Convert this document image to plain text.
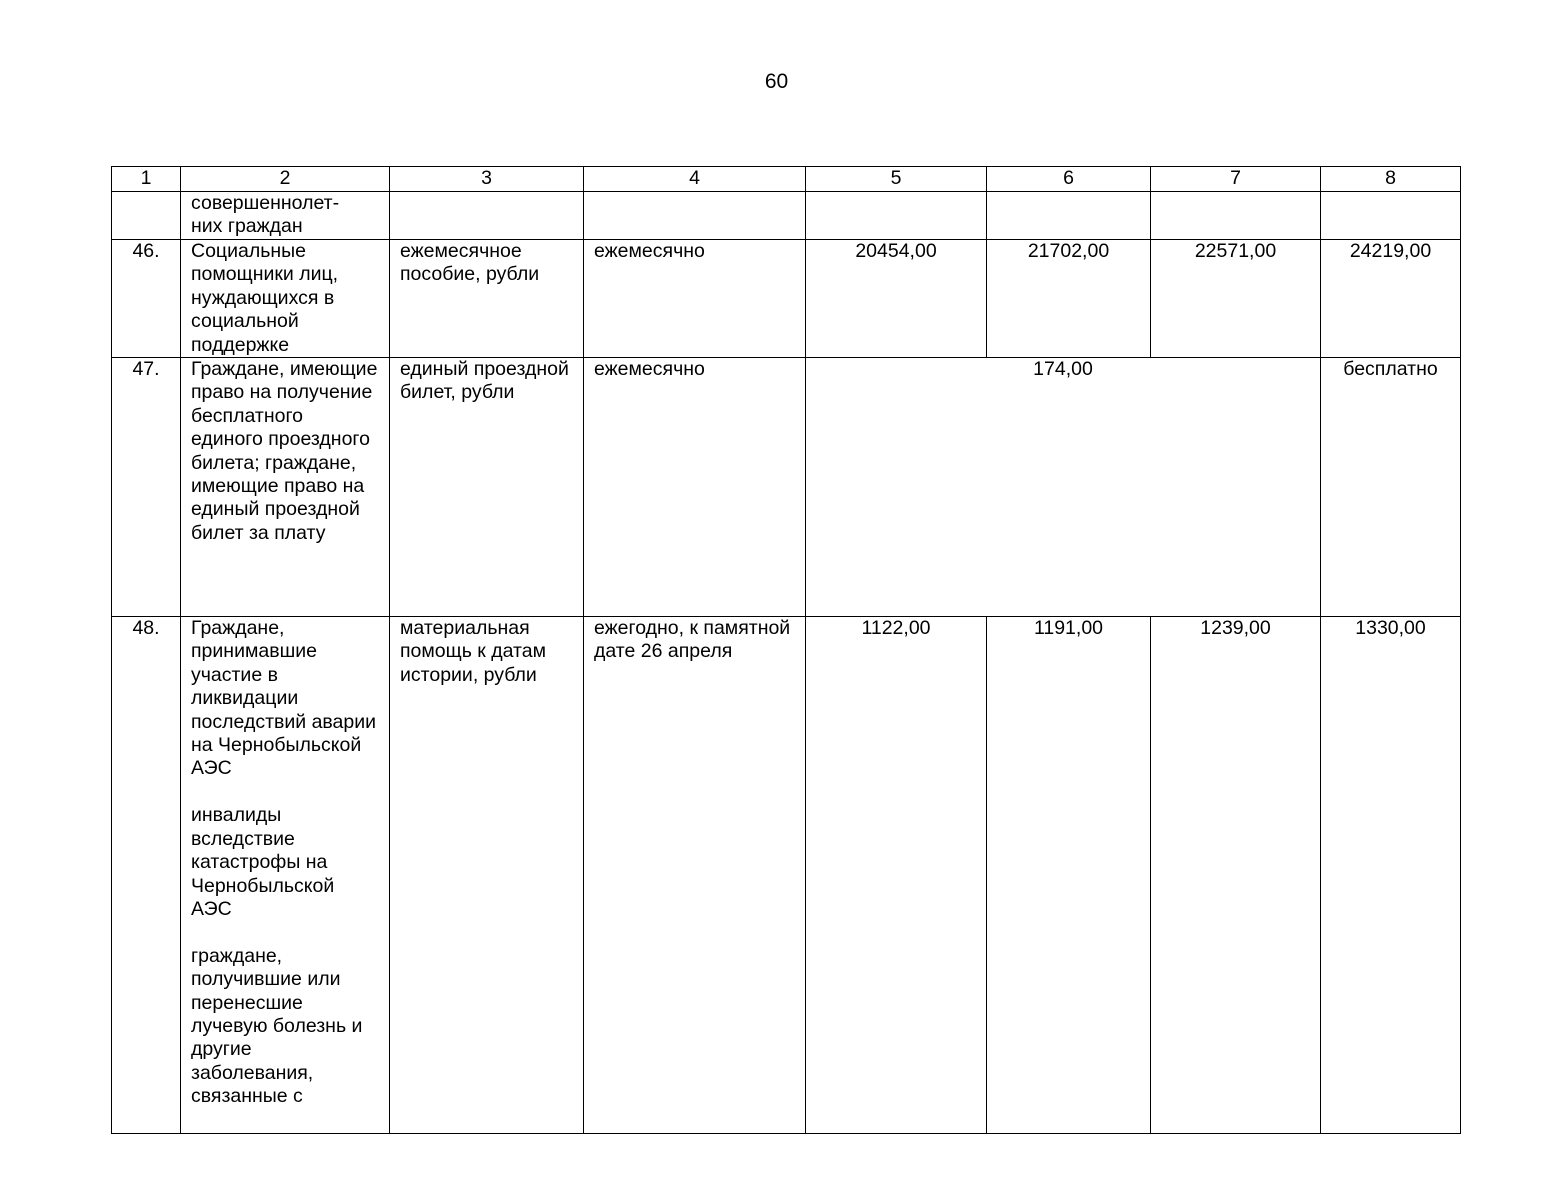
60
1	2	3	4	5	6	7	8
	совершеннолет-
них граждан						
46.	Социальные помощники лиц, нуждающихся в социальной поддержке	ежемесячное пособие, рубли	ежемесячно	20454,00	21702,00	22571,00	24219,00
47.	Граждане, имеющие право на получение бесплатного единого проездного билета; граждане, имеющие право на единый проездной билет за плату	единый проездной билет, рубли	ежемесячно	174,00			бесплатно
48.	Граждане, принимавшие участие в ликвидации последствий аварии на Чернобыльской АЭС

инвалиды вследствие катастрофы на Чернобыльской АЭС

граждане, получившие или перенесшие лучевую болезнь и другие заболевания, связанные с	материальная помощь к датам истории, рубли	ежегодно, к памятной дате 26 апреля	1122,00	1191,00	1239,00	1330,00
